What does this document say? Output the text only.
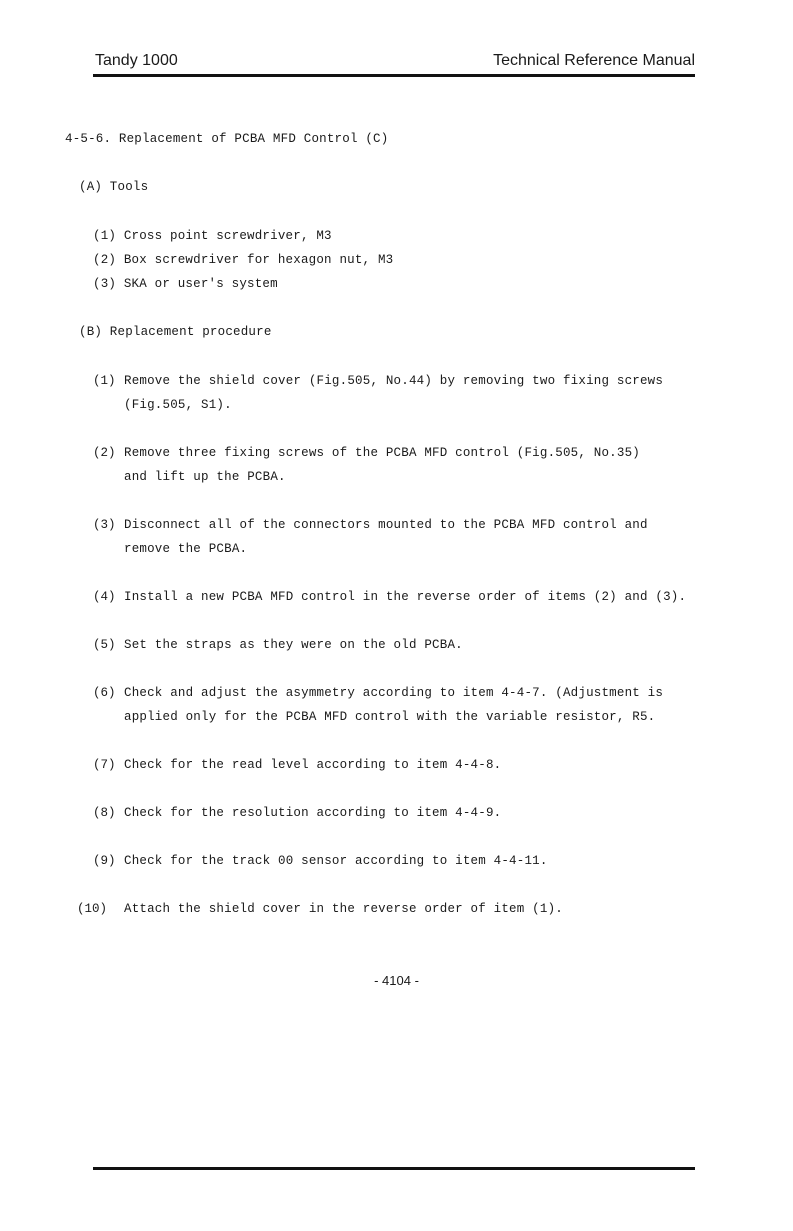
Tandy 1000	Technical Reference Manual
4-5-6. Replacement of PCBA MFD Control (C)
(A) Tools
(1) Cross point screwdriver, M3
(2) Box screwdriver for hexagon nut, M3
(3) SKA or user's system
(B) Replacement procedure
(1) Remove the shield cover (Fig.505, No.44) by removing two fixing screws
(Fig.505, S1).
(2) Remove three fixing screws of the PCBA MFD control (Fig.505, No.35)
and lift up the PCBA.
(3) Disconnect all of the connectors mounted to the PCBA MFD control and
remove the PCBA.
(4) Install a new PCBA MFD control in the reverse order of items (2) and (3).
(5) Set the straps as they were on the old PCBA.
(6) Check and adjust the asymmetry according to item 4-4-7. (Adjustment is
applied only for the PCBA MFD control with the variable resistor, R5.
(7) Check for the read level according to item 4-4-8.
(8) Check for the resolution according to item 4-4-9.
(9) Check for the track 00 sensor according to item 4-4-11.
(10) Attach the shield cover in the reverse order of item (1).
- 4104 -
